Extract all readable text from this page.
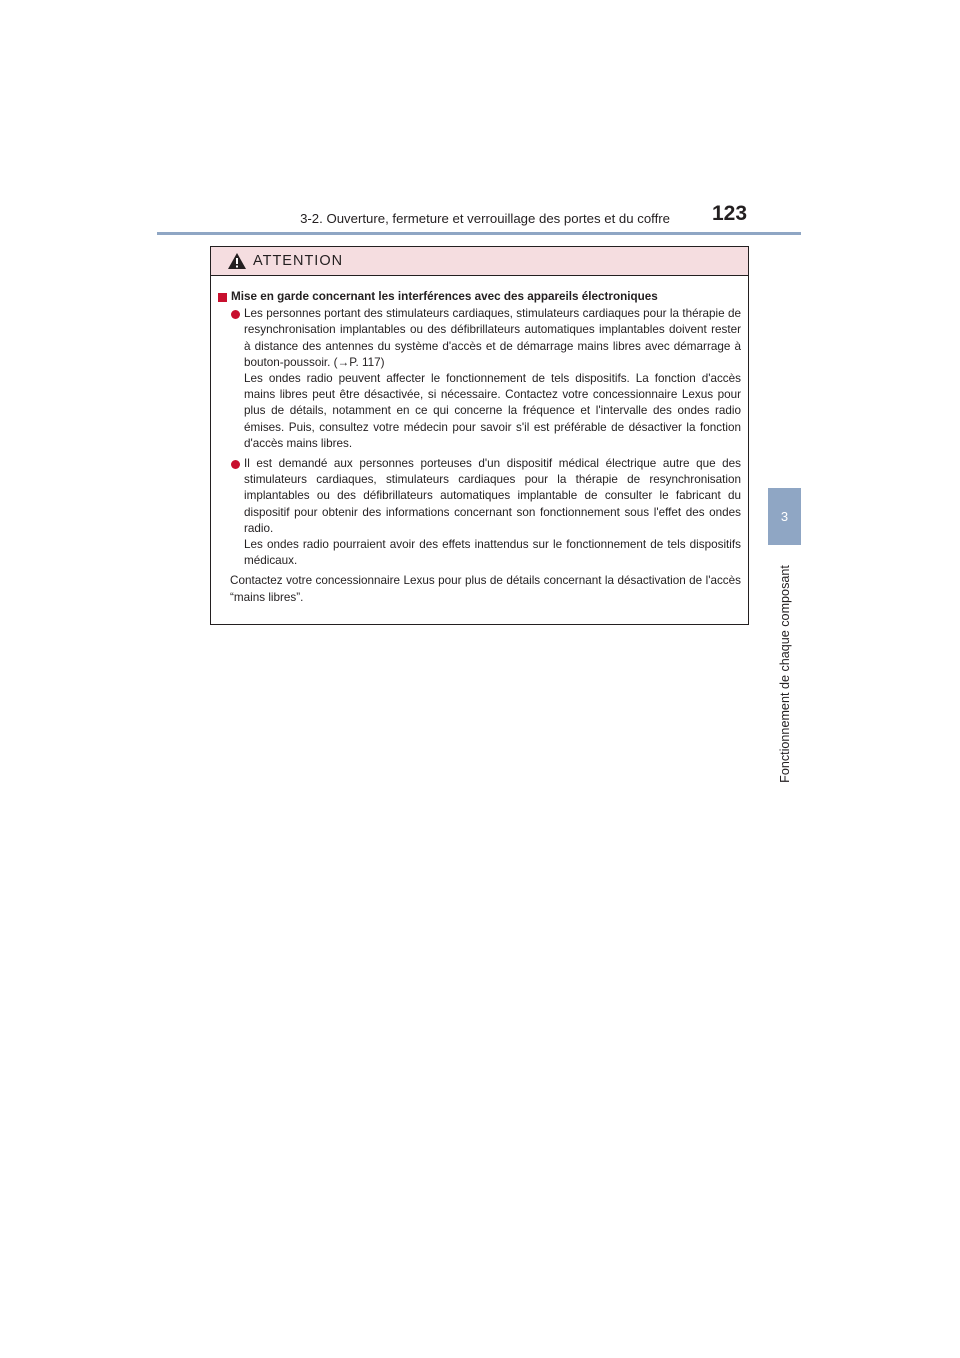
3-2. Ouverture, fermeture et verrouillage des portes et du coffre 123
3
Fonctionnement de chaque composant
ATTENTION
Mise en garde concernant les interférences avec des appareils électroniques

Les personnes portant des stimulateurs cardiaques, stimulateurs cardiaques pour la thérapie de resynchronisation implantables ou des défibrillateurs automatiques implantables doivent rester à distance des antennes du système d'accès et de démarrage mains libres avec démarrage à bouton-poussoir. (→P. 117)

Les ondes radio peuvent affecter le fonctionnement de tels dispositifs. La fonction d'accès mains libres peut être désactivée, si nécessaire. Contactez votre concessionnaire Lexus pour plus de détails, notamment en ce qui concerne la fréquence et l'intervalle des ondes radio émises. Puis, consultez votre médecin pour savoir s'il est préférable de désactiver la fonction d'accès mains libres.

Il est demandé aux personnes porteuses d'un dispositif médical électrique autre que des stimulateurs cardiaques, stimulateurs cardiaques pour la thérapie de resynchronisation implantables ou des défibrillateurs automatiques implantable de consulter le fabricant du dispositif pour obtenir des informations concernant son fonctionnement sous l'effet des ondes radio.

Les ondes radio pourraient avoir des effets inattendus sur le fonctionnement de tels dispositifs médicaux.

Contactez votre concessionnaire Lexus pour plus de détails concernant la désactivation de l'accès “mains libres”.
